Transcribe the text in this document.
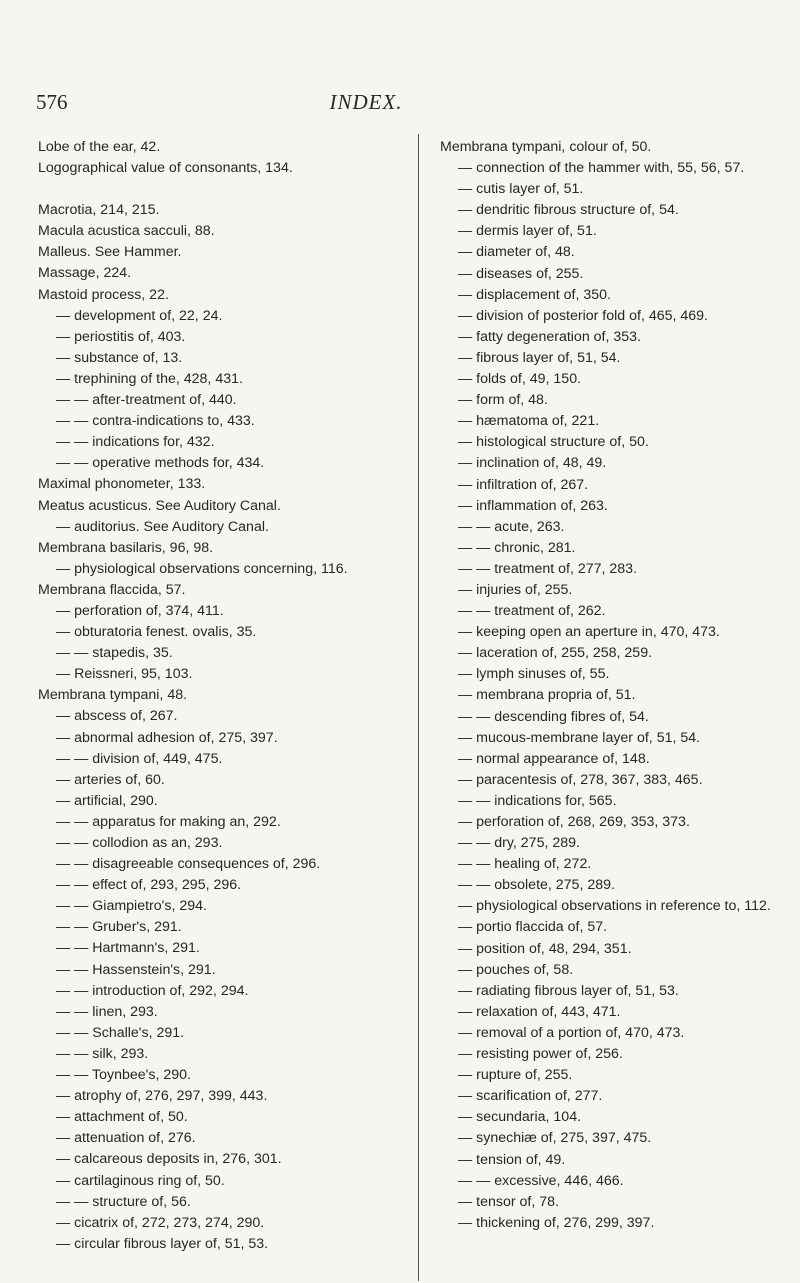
576	INDEX.
Lobe of the ear, 42.
Logographical value of consonants, 134.
Macrotia, 214, 215.
Macula acustica sacculi, 88.
Malleus. See Hammer.
Massage, 224.
Mastoid process, 22.
— development of, 22, 24.
— periostitis of, 403.
— substance of, 13.
— trephining of the, 428, 431.
— — after-treatment of, 440.
— — contra-indications to, 433.
— — indications for, 432.
— — operative methods for, 434.
Maximal phonometer, 133.
Meatus acusticus. See Auditory Canal.
— auditorius. See Auditory Canal.
Membrana basilaris, 96, 98.
— physiological observations concerning, 116.
Membrana flaccida, 57.
— perforation of, 374, 411.
— obturatoria fenest. ovalis, 35.
— — stapedis, 35.
— Reissneri, 95, 103.
Membrana tympani, 48.
— abscess of, 267.
— abnormal adhesion of, 275, 397.
— — division of, 449, 475.
— arteries of, 60.
— artificial, 290.
— — apparatus for making an, 292.
— — collodion as an, 293.
— — disagreeable consequences of, 296.
— — effect of, 293, 295, 296.
— — Giampietro's, 294.
— — Gruber's, 291.
— — Hartmann's, 291.
— — Hassenstein's, 291.
— — introduction of, 292, 294.
— — linen, 293.
— — Schalle's, 291.
— — silk, 293.
— — Toynbee's, 290.
— atrophy of, 276, 297, 399, 443.
— attachment of, 50.
— attenuation of, 276.
— calcareous deposits in, 276, 301.
— cartilaginous ring of, 50.
— — structure of, 56.
— cicatrix of, 272, 273, 274, 290.
— circular fibrous layer of, 51, 53.
Membrana tympani, colour of, 50.
— connection of the hammer with, 55, 56, 57.
— cutis layer of, 51.
— dendritic fibrous structure of, 54.
— dermis layer of, 51.
— diameter of, 48.
— diseases of, 255.
— displacement of, 350.
— division of posterior fold of, 465, 469.
— fatty degeneration of, 353.
— fibrous layer of, 51, 54.
— folds of, 49, 150.
— form of, 48.
— hæmatoma of, 221.
— histological structure of, 50.
— inclination of, 48, 49.
— infiltration of, 267.
— inflammation of, 263.
— — acute, 263.
— — chronic, 281.
— — treatment of, 277, 283.
— injuries of, 255.
— — treatment of, 262.
— keeping open an aperture in, 470, 473.
— laceration of, 255, 258, 259.
— lymph sinuses of, 55.
— membrana propria of, 51.
— — descending fibres of, 54.
— mucous-membrane layer of, 51, 54.
— normal appearance of, 148.
— paracentesis of, 278, 367, 383, 465.
— — indications for, 565.
— perforation of, 268, 269, 353, 373.
— — dry, 275, 289.
— — healing of, 272.
— — obsolete, 275, 289.
— physiological observations in reference to, 112.
— portio flaccida of, 57.
— position of, 48, 294, 351.
— pouches of, 58.
— radiating fibrous layer of, 51, 53.
— relaxation of, 443, 471.
— removal of a portion of, 470, 473.
— resisting power of, 256.
— rupture of, 255.
— scarification of, 277.
— secundaria, 104.
— synechiæ of, 275, 397, 475.
— tension of, 49.
— — excessive, 446, 466.
— tensor of, 78.
— thickening of, 276, 299, 397.
